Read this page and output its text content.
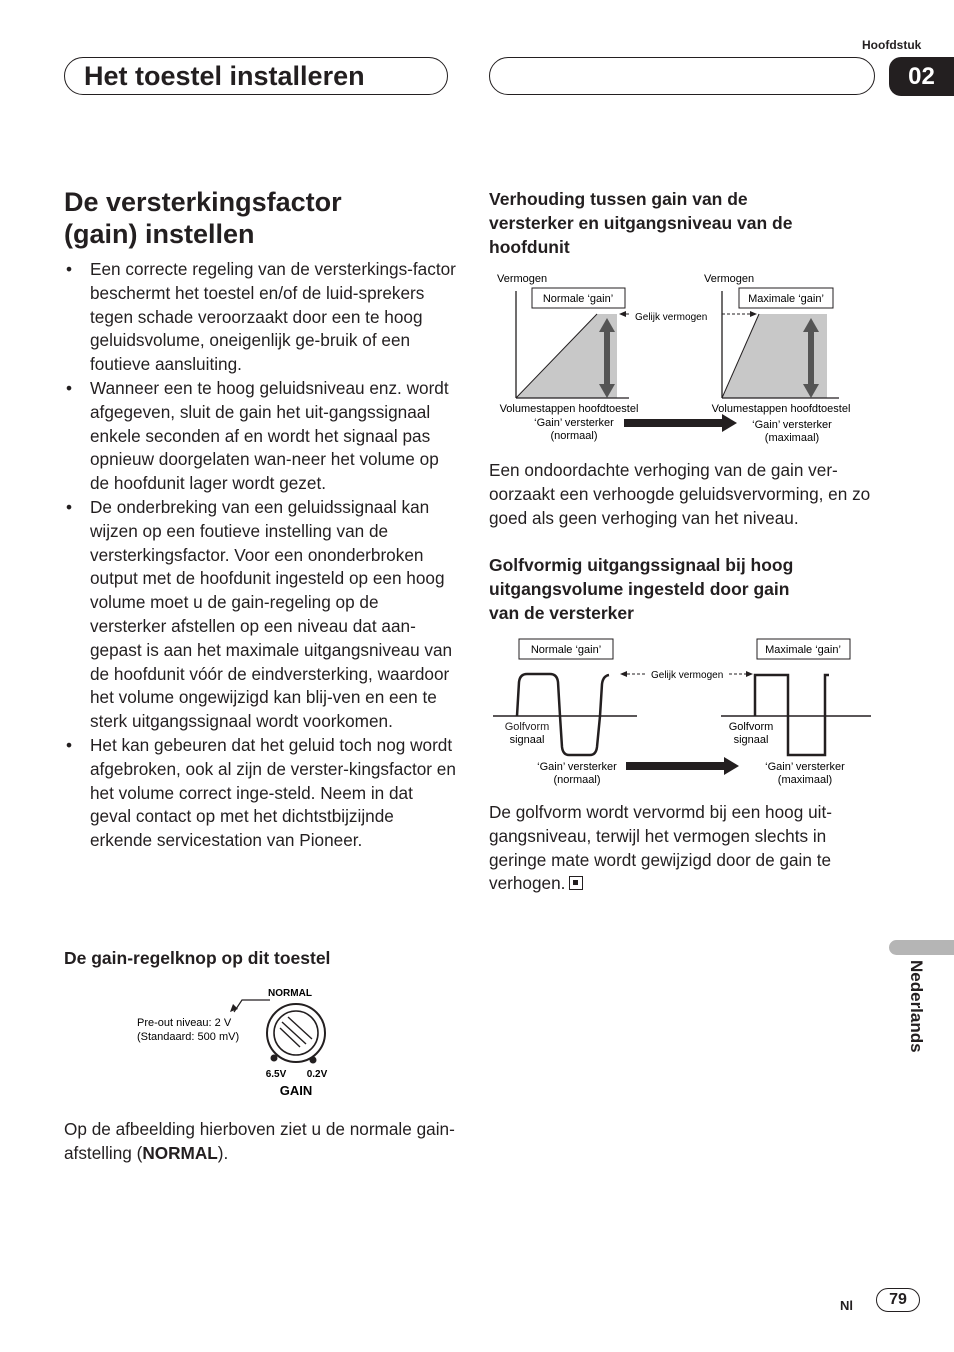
Hoofdstuk
02
Het toestel installeren
De versterkingsfactor
(gain) instellen
• Een correcte regeling van de versterkings-factor beschermt het toestel en/of de luid-sprekers tegen schade veroorzaakt door een te hoog geluidsvolume, oneigenlijk ge-bruik of een foutieve aansluiting.
• Wanneer een te hoog geluidsniveau enz. wordt afgegeven, sluit de gain het uit-gangssignaal enkele seconden af en wordt het signaal pas opnieuw doorgelaten wan-neer het volume op de hoofdunit lager wordt gezet.
• De onderbreking van een geluidssignaal kan wijzen op een foutieve instelling van de versterkingsfactor. Voor een ononderbroken output met de hoofdunit ingesteld op een hoog volume moet u de gain-regeling op de versterker afstellen op een niveau dat aan-gepast is aan het maximale uitgangsniveau van de hoofdunit vóór de eindversterking, waardoor het volume ongewijzigd kan blij-ven en een te sterk uitgangssignaal wordt voorkomen.
• Het kan gebeuren dat het geluid toch nog wordt afgebroken, ook al zijn de verster-kingsfactor en het volume correct inge-steld. Neem in dat geval contact op met het dichtstbijzijnde erkende servicestation van Pioneer.
De gain-regelknop op dit toestel
NORMAL
Pre-out niveau: 2 V
(Standaard: 500 mV)
6.5V 0.2V
GAIN
Op de afbeelding hierboven ziet u de normale gain-afstelling (NORMAL).
Verhouding tussen gain van de
versterker en uitgangsniveau van de
hoofdunit
Vermogen
Normale ‘gain’
Vermogen
Maximale ‘gain’
Gelijk vermogen
Volumestappen hoofdtoestel	Volumestappen hoofdtoestel
‘Gain’ versterker
(normaal)
‘Gain’ versterker
(maximaal)
Een ondoordachte verhoging van de gain ver-oorzaakt een verhoogde geluidsvervorming, en zo goed als geen verhoging van het niveau.
Golfvormig uitgangssignaal bij hoog
uitgangsvolume ingesteld door gain
van de versterker
Normale ‘gain’	Maximale ‘gain’
Golfvorm
signaal
Golfvorm
signaal
Gelijk vermogen
‘Gain’ versterker
(normaal)
‘Gain’ versterker
(maximaal)
De golfvorm wordt vervormd bij een hoog uit-gangsniveau, terwijl het vermogen slechts in geringe mate wordt gewijzigd door de gain te verhogen.
Nederlands
Nl	79
